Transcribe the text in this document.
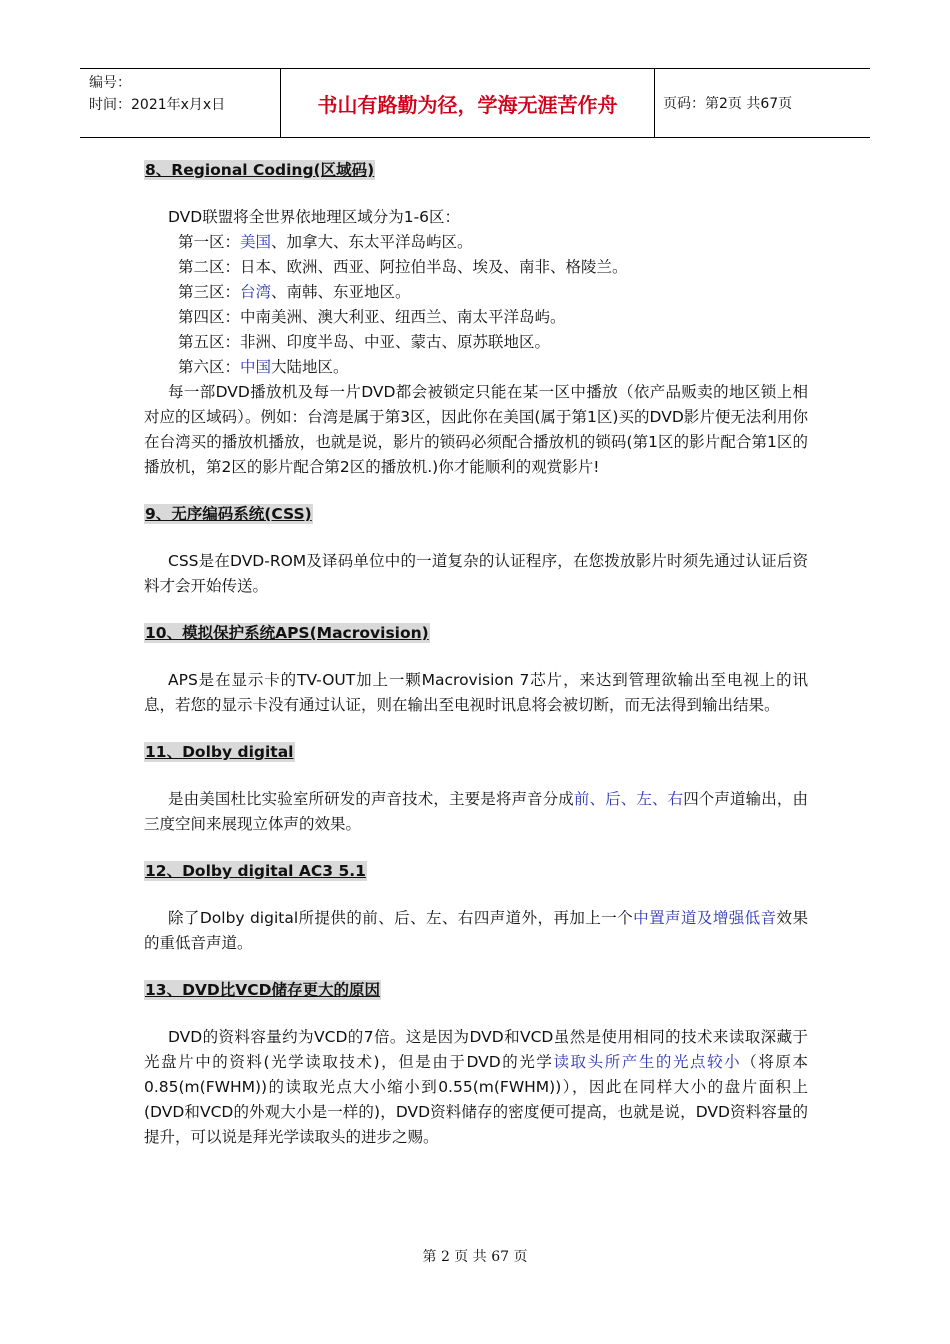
编号：
时间：2021年x月x日	书山有路勤为径，学海无涯苦作舟	页码：第2页 共67页
8、Regional Coding(区域码)

DVD联盟将全世界依地理区域分为1-6区：

第一区：美国、加拿大、东太平洋岛屿区。

第二区：日本、欧洲、西亚、阿拉伯半岛、埃及、南非、格陵兰。

第三区：台湾、南韩、东亚地区。

第四区：中南美洲、澳大利亚、纽西兰、南太平洋岛屿。

第五区：非洲、印度半岛、中亚、蒙古、原苏联地区。

第六区：中国大陆地区。

每一部DVD播放机及每一片DVD都会被锁定只能在某一区中播放（依产品贩卖的地区锁上相对应的区域码）。例如：台湾是属于第3区，因此你在美国(属于第1区)买的DVD影片便无法利用你在台湾买的播放机播放，也就是说，影片的锁码必须配合播放机的锁码(第1区的影片配合第1区的播放机，第2区的影片配合第2区的播放机.)你才能顺利的观赏影片!

9、无序编码系统(CSS)

CSS是在DVD-ROM及译码单位中的一道复杂的认证程序，在您拨放影片时须先通过认证后资料才会开始传送。

10、模拟保护系统APS(Macrovision)

APS是在显示卡的TV-OUT加上一颗Macrovision 7芯片，来达到管理欲输出至电视上的讯息，若您的显示卡没有通过认证，则在输出至电视时讯息将会被切断，而无法得到输出结果。

11、Dolby digital

是由美国杜比实验室所研发的声音技术，主要是将声音分成前、后、左、右四个声道输出，由三度空间来展现立体声的效果。

12、Dolby digital AC3 5.1

除了Dolby digital所提供的前、后、左、右四声道外，再加上一个中置声道及增强低音效果的重低音声道。

13、DVD比VCD储存更大的原因

DVD的资料容量约为VCD的7倍。这是因为DVD和VCD虽然是使用相同的技术来读取深藏于光盘片中的资料(光学读取技术)，但是由于DVD的光学读取头所产生的光点较小（将原本0.85(m(FWHM))的读取光点大小缩小到0.55(m(FWHM))），因此在同样大小的盘片面积上(DVD和VCD的外观大小是一样的)，DVD资料储存的密度便可提高，也就是说，DVD资料容量的提升，可以说是拜光学读取头的进步之赐。

第 2 页 共 67 页
